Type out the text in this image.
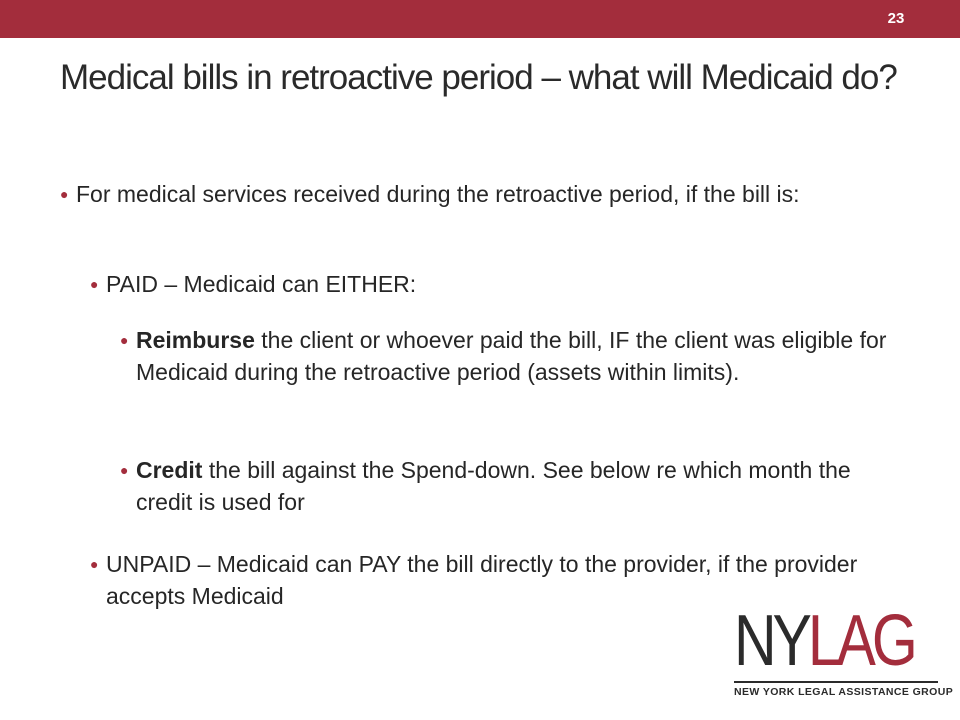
23
Medical bills in retroactive period – what will Medicaid do?
● For medical services received during the retroactive period, if the bill is:
● PAID – Medicaid can EITHER:
● Reimburse the client or whoever paid the bill, IF the client was eligible for Medicaid during the retroactive period (assets within limits).
● Credit the bill against the Spend-down. See below re which month the credit is used for
● UNPAID – Medicaid can PAY the bill directly to the provider, if the provider accepts Medicaid
NYLAG
NEW YORK LEGAL ASSISTANCE GROUP
